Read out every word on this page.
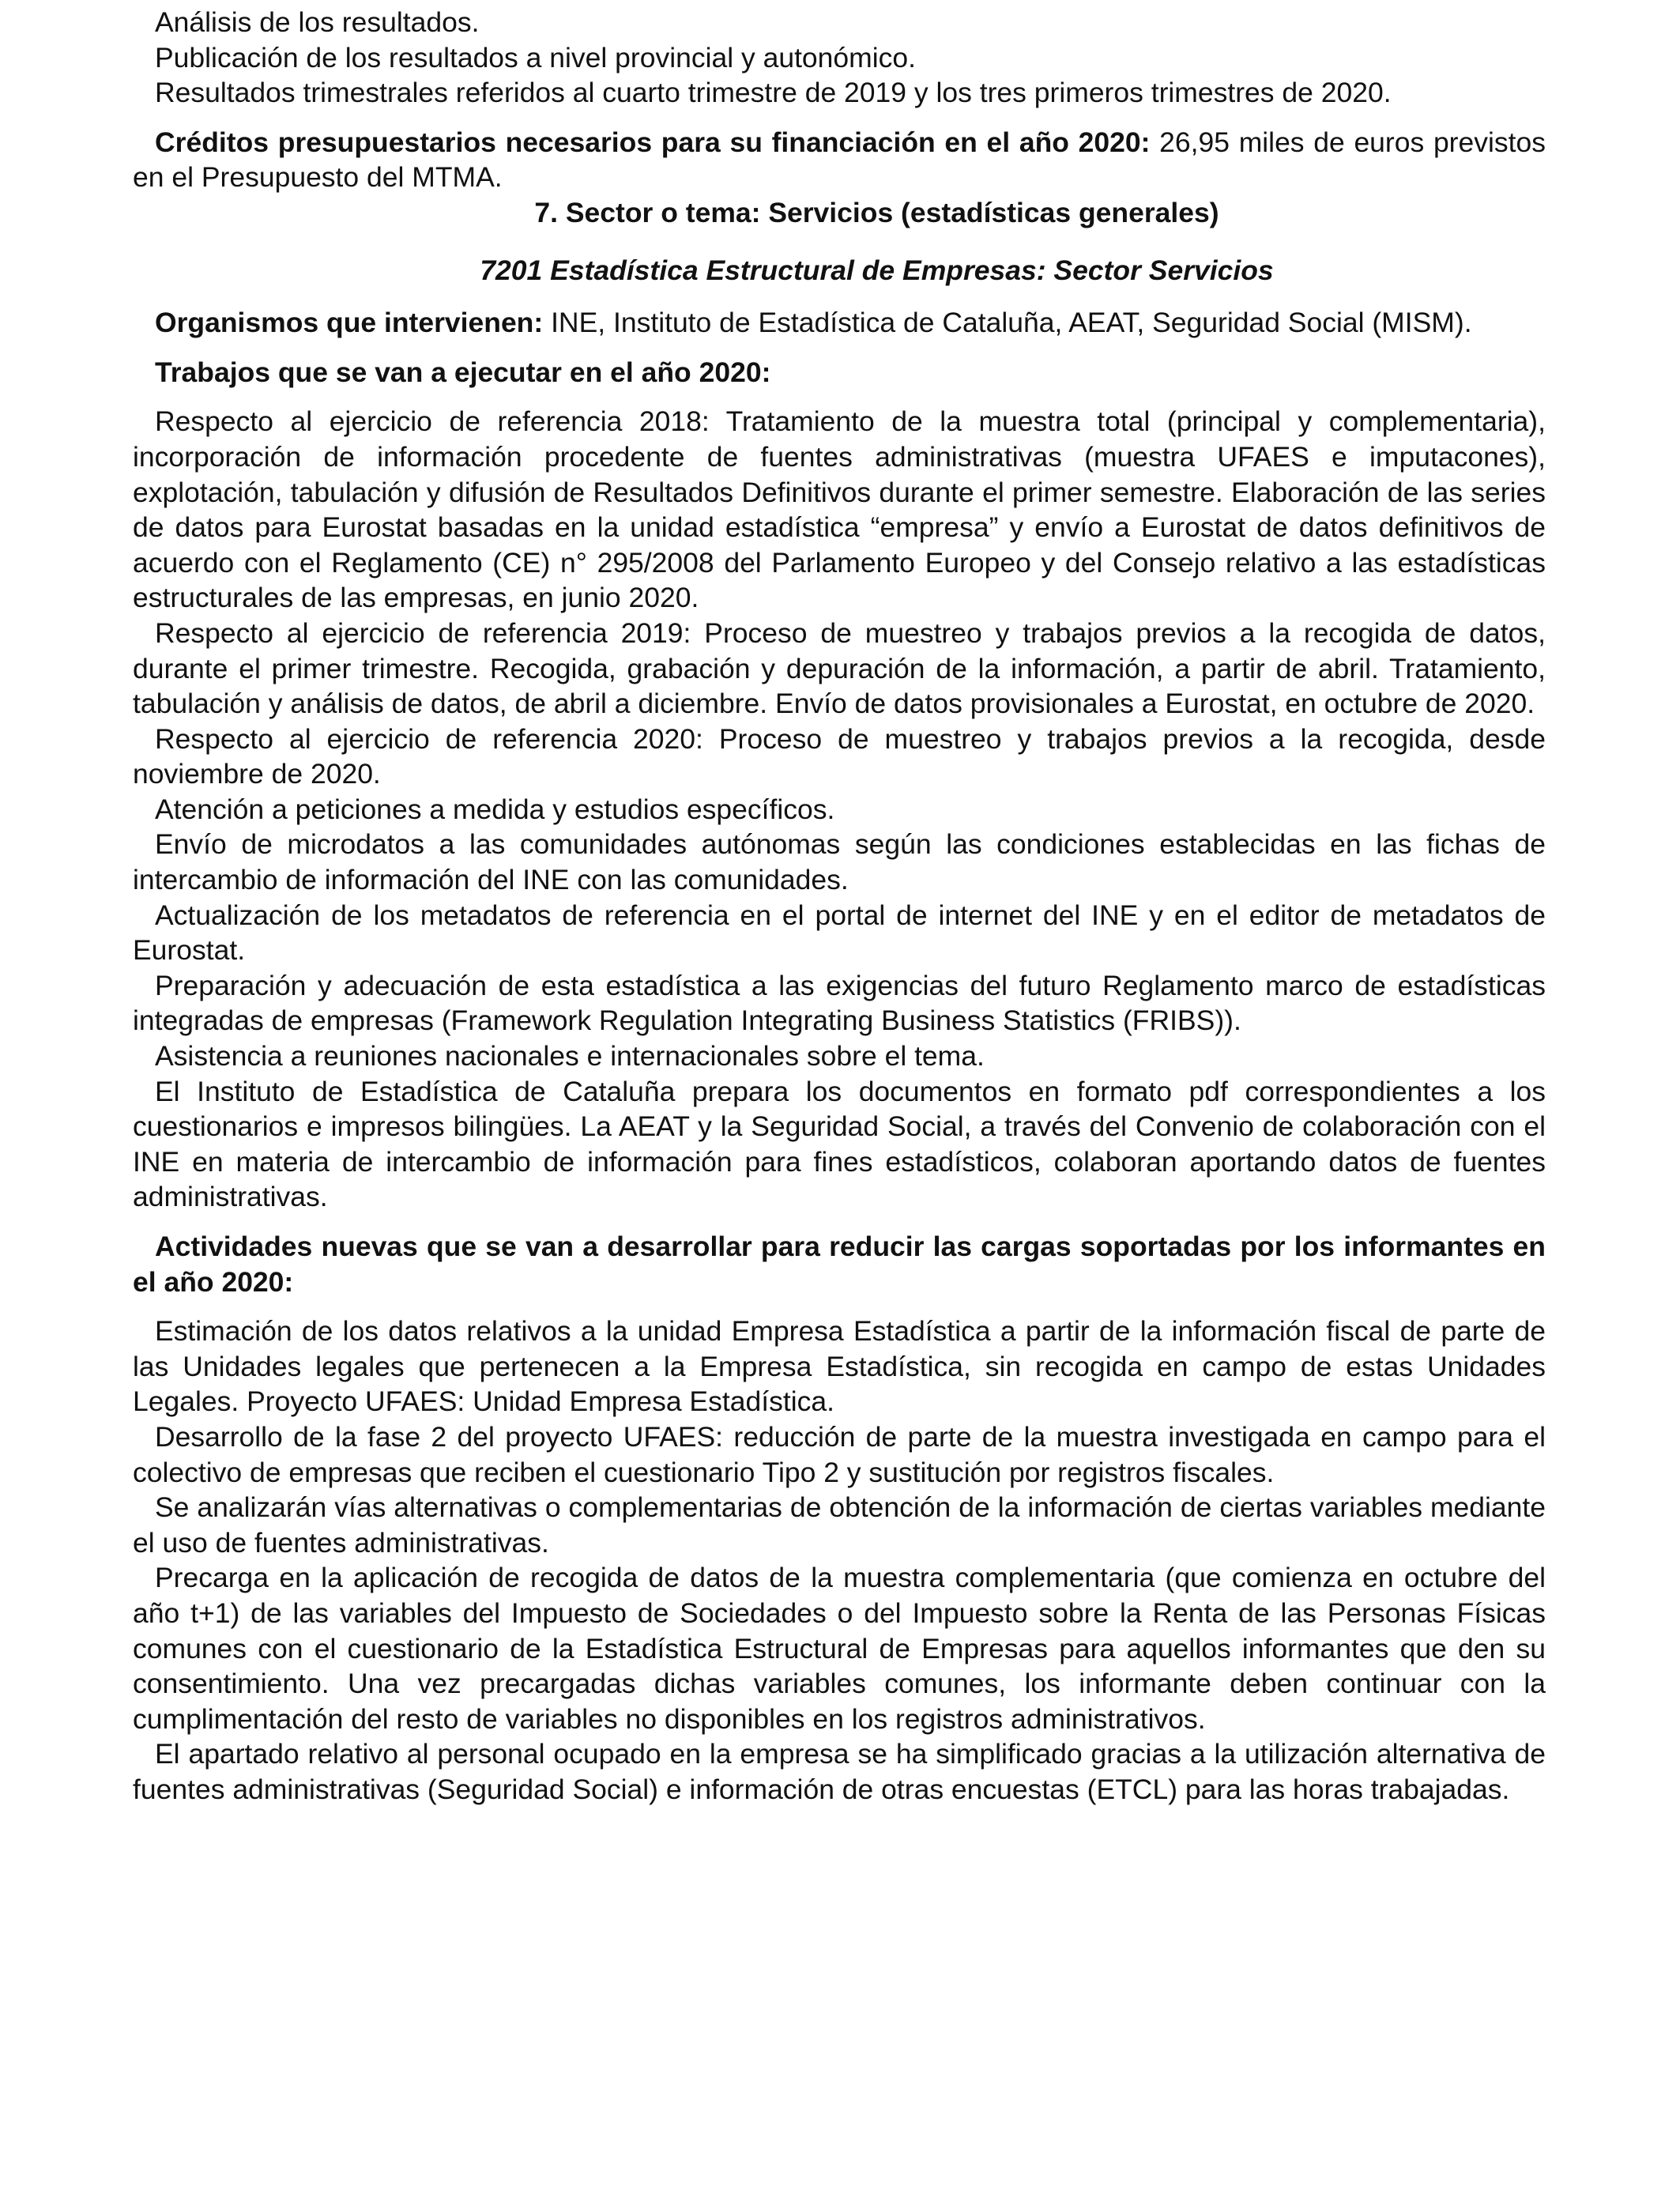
Análisis de los resultados.

Publicación de los resultados a nivel provincial y autonómico.

Resultados trimestrales referidos al cuarto trimestre de 2019 y los tres primeros trimestres de 2020.

Créditos presupuestarios necesarios para su financiación en el año 2020: 26,95 miles de euros previstos en el Presupuesto del MTMA.

7. Sector o tema: Servicios (estadísticas generales)

7201 Estadística Estructural de Empresas: Sector Servicios

Organismos que intervienen: INE, Instituto de Estadística de Cataluña, AEAT, Seguridad Social (MISM).

Trabajos que se van a ejecutar en el año 2020:

Respecto al ejercicio de referencia 2018: Tratamiento de la muestra total (principal y complementaria), incorporación de información procedente de fuentes administrativas (muestra UFAES e imputacones), explotación, tabulación y difusión de Resultados Definitivos durante el primer semestre. Elaboración de las series de datos para Eurostat basadas en la unidad estadística “empresa” y envío a Eurostat de datos definitivos de acuerdo con el Reglamento (CE) n° 295/2008 del Parlamento Europeo y del Consejo relativo a las estadísticas estructurales de las empresas, en junio 2020.

Respecto al ejercicio de referencia 2019: Proceso de muestreo y trabajos previos a la recogida de datos, durante el primer trimestre. Recogida, grabación y depuración de la información, a partir de abril. Tratamiento, tabulación y análisis de datos, de abril a diciembre. Envío de datos provisionales a Eurostat, en octubre de 2020.

Respecto al ejercicio de referencia 2020: Proceso de muestreo y trabajos previos a la recogida, desde noviembre de 2020.

Atención a peticiones a medida y estudios específicos.

Envío de microdatos a las comunidades autónomas según las condiciones establecidas en las fichas de intercambio de información del INE con las comunidades.

Actualización de los metadatos de referencia en el portal de internet del INE y en el editor de metadatos de Eurostat.

Preparación y adecuación de esta estadística a las exigencias del futuro Reglamento marco de estadísticas integradas de empresas (Framework Regulation Integrating Business Statistics (FRIBS)).

Asistencia a reuniones nacionales e internacionales sobre el tema.

El Instituto de Estadística de Cataluña prepara los documentos en formato pdf correspondientes a los cuestionarios e impresos bilingües. La AEAT y la Seguridad Social, a través del Convenio de colaboración con el INE en materia de intercambio de información para fines estadísticos, colaboran aportando datos de fuentes administrativas.

Actividades nuevas que se van a desarrollar para reducir las cargas soportadas por los informantes en el año 2020:

Estimación de los datos relativos a la unidad Empresa Estadística a partir de la información fiscal de parte de las Unidades legales que pertenecen a la Empresa Estadística, sin recogida en campo de estas Unidades Legales. Proyecto UFAES: Unidad Empresa Estadística.

Desarrollo de la fase 2 del proyecto UFAES: reducción de parte de la muestra investigada en campo para el colectivo de empresas que reciben el cuestionario Tipo 2 y sustitución por registros fiscales.

Se analizarán vías alternativas o complementarias de obtención de la información de ciertas variables mediante el uso de fuentes administrativas.

Precarga en la aplicación de recogida de datos de la muestra complementaria (que comienza en octubre del año t+1) de las variables del Impuesto de Sociedades o del Impuesto sobre la Renta de las Personas Físicas comunes con el cuestionario de la Estadística Estructural de Empresas para aquellos informantes que den su consentimiento. Una vez precargadas dichas variables comunes, los informante deben continuar con la cumplimentación del resto de variables no disponibles en los registros administrativos.

El apartado relativo al personal ocupado en la empresa se ha simplificado gracias a la utilización alternativa de fuentes administrativas (Seguridad Social) e información de otras encuestas (ETCL) para las horas trabajadas.
